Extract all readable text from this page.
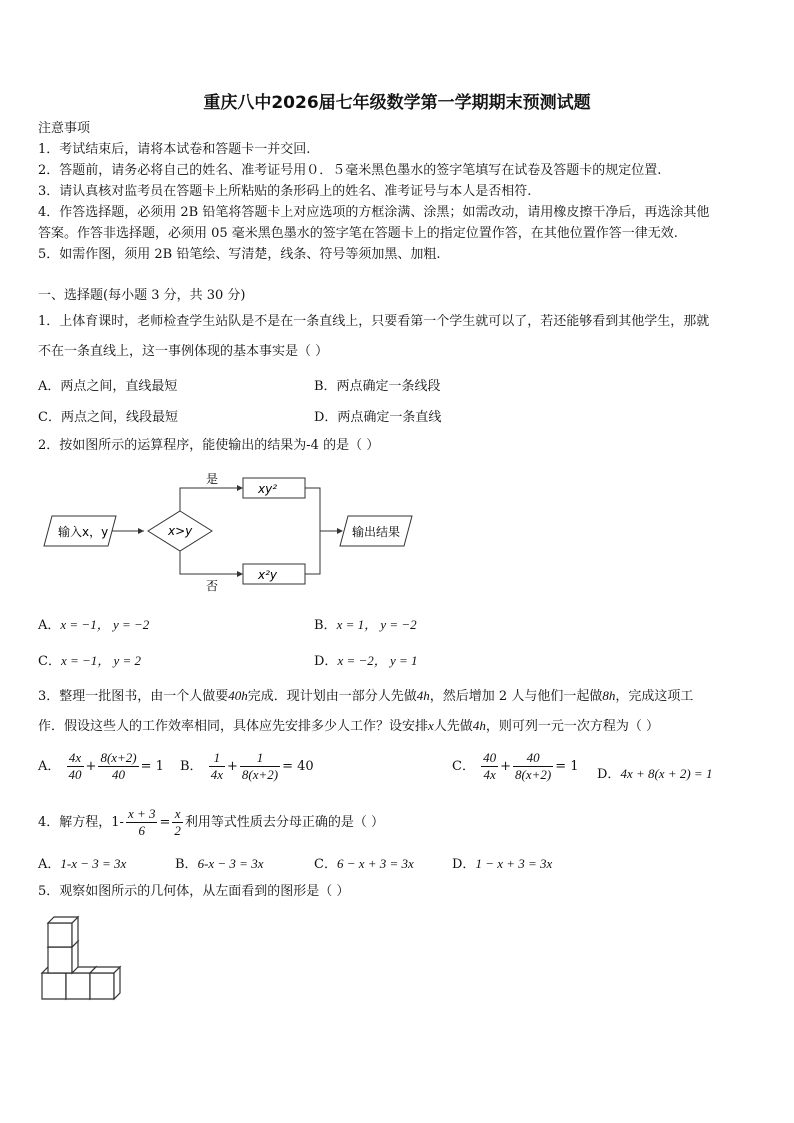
重庆八中2026届七年级数学第一学期期末预测试题
注意事项
1．考试结束后，请将本试卷和答题卡一并交回.
2．答题前，请务必将自己的姓名、准考证号用０．５毫米黑色墨水的签字笔填写在试卷及答题卡的规定位置.
3．请认真核对监考员在答题卡上所粘贴的条形码上的姓名、准考证号与本人是否相符.
4．作答选择题，必须用 2B 铅笔将答题卡上对应选项的方框涂满、涂黑；如需改动，请用橡皮擦干净后，再选涂其他
答案。作答非选择题，必须用 05 毫米黑色墨水的签字笔在答题卡上的指定位置作答，在其他位置作答一律无效.
5．如需作图，须用 2B 铅笔绘、写清楚，线条、符号等须加黑、加粗.
一、选择题(每小题 3 分，共 30 分)
1．上体育课时，老师检查学生站队是不是在一条直线上，只要看第一个学生就可以了，若还能够看到其他学生，那就
不在一条直线上，这一事例体现的基本事实是（ ）
A．两点之间，直线最短	B．两点确定一条线段
C．两点之间，线段最短	D．两点确定一条直线
2．按如图所示的运算程序，能使输出的结果为-4 的是（ ）
输入x，y	x>y
是
否
xy²
x²y
输出结果
A．x = −1， y = −2	B．x = 1， y = −2
C．x = −1， y = 2	D．x = −2， y = 1
3．整理一批图书，由一个人做要40h完成．现计划由一部分人先做4h，然后增加 2 人与他们一起做8h，完成这项工
作．假设这些人的工作效率相同，具体应先安排多少人工作？设安排x人先做4h，则可列一元一次方程为（ ）
A． $\frac{4x}{40} + \frac{8(x+2)}{40} = 1$ B． $\frac{1}{4x} + \frac{1}{8(x+2)} = 40$	C． $\frac{40}{4x} + \frac{40}{8(x+2)} = 1$
D．4x + 8(x + 2) = 1
4．解方程，$1- \frac{x + 3}{6} = \frac{x}{2}$ 利用等式性质去分母正确的是（ ）
A．1-x − 3 = 3x	B．6-x − 3 = 3x	C．6 − x + 3 = 3x	D．1 − x + 3 = 3x
5．观察如图所示的几何体，从左面看到的图形是（ ）
